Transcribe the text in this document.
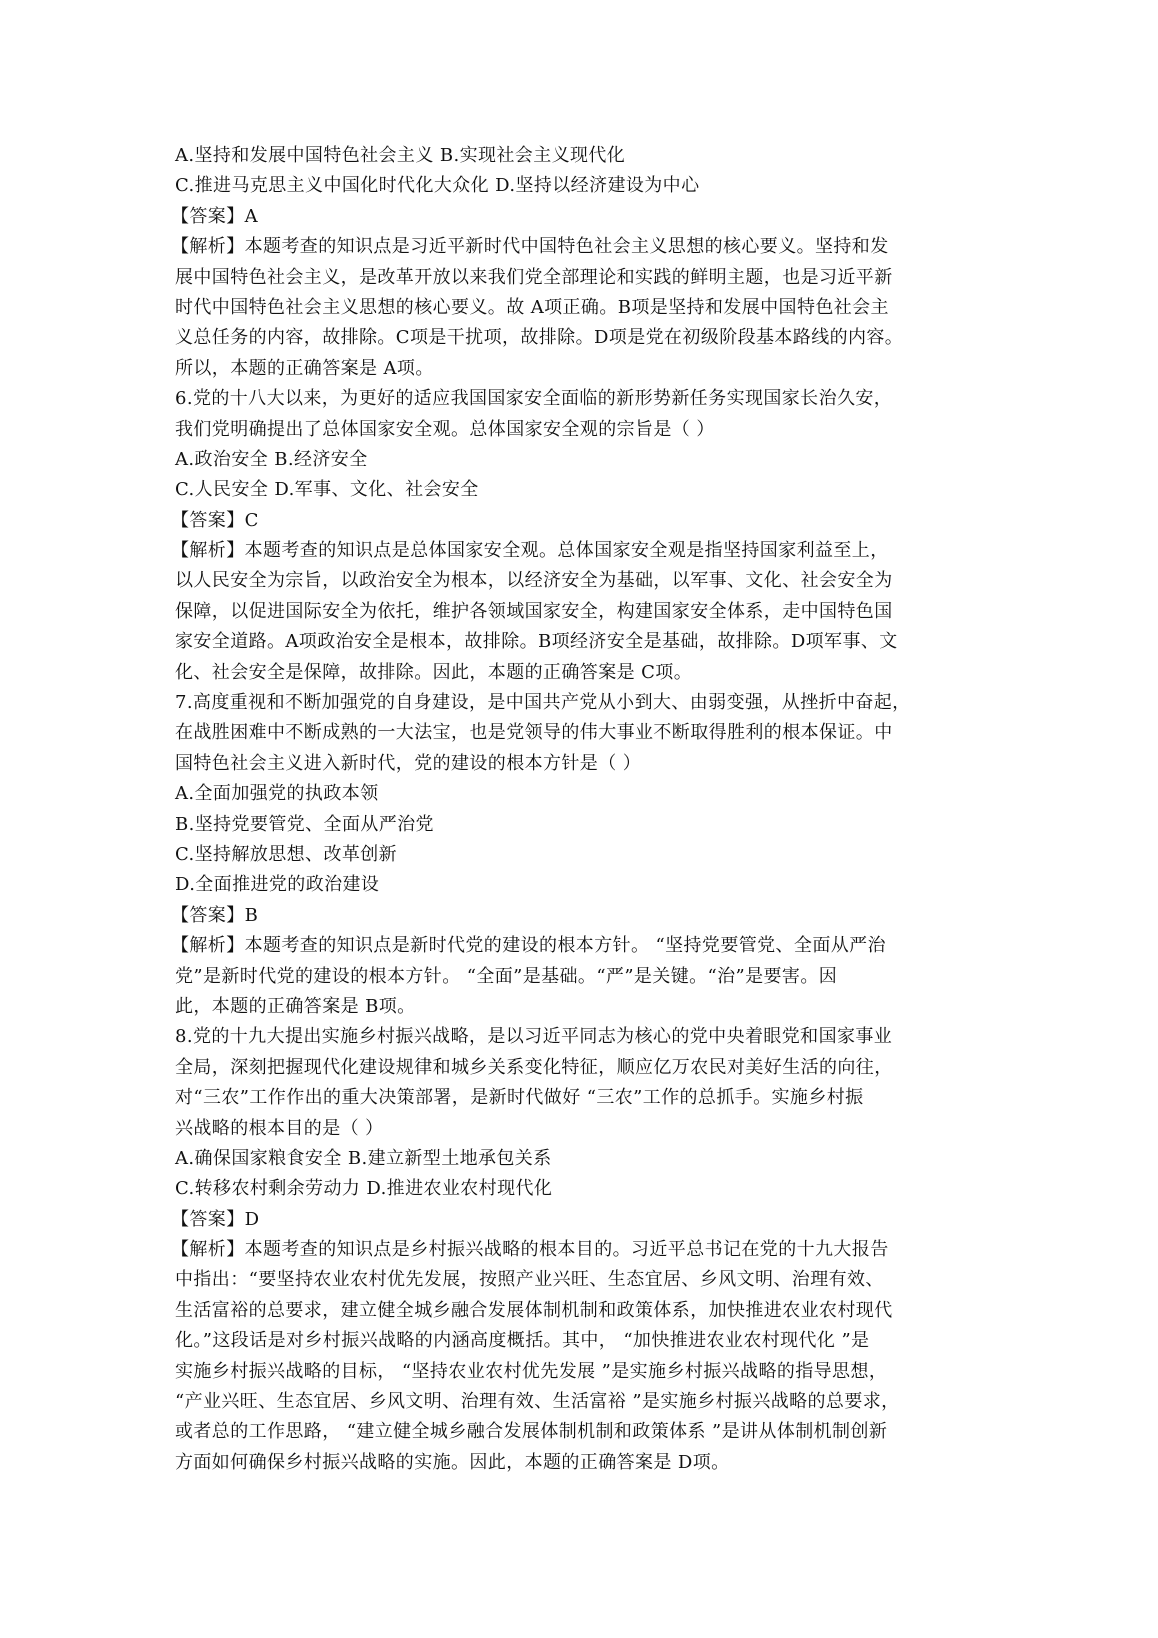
A.坚持和发展中国特色社会主义 B.实现社会主义现代化
C.推进马克思主义中国化时代化大众化 D.坚持以经济建设为中心
【答案】A
【解析】本题考查的知识点是习近平新时代中国特色社会主义思想的核心要义。坚持和发
展中国特色社会主义，是改革开放以来我们党全部理论和实践的鲜明主题，也是习近平新
时代中国特色社会主义思想的核心要义。故 A项正确。B项是坚持和发展中国特色社会主
义总任务的内容，故排除。C项是干扰项，故排除。D项是党在初级阶段基本路线的内容。
所以，本题的正确答案是 A项。
6.党的十八大以来，为更好的适应我国国家安全面临的新形势新任务实现国家长治久安，
我们党明确提出了总体国家安全观。总体国家安全观的宗旨是（ ）
A.政治安全 B.经济安全
C.人民安全 D.军事、文化、社会安全
【答案】C
【解析】本题考查的知识点是总体国家安全观。总体国家安全观是指坚持国家利益至上，
以人民安全为宗旨，以政治安全为根本，以经济安全为基础，以军事、文化、社会安全为
保障，以促进国际安全为依托，维护各领域国家安全，构建国家安全体系，走中国特色国
家安全道路。A项政治安全是根本，故排除。B项经济安全是基础，故排除。D项军事、文
化、社会安全是保障，故排除。因此，本题的正确答案是 C项。
7.高度重视和不断加强党的自身建设，是中国共产党从小到大、由弱变强，从挫折中奋起，
在战胜困难中不断成熟的一大法宝，也是党领导的伟大事业不断取得胜利的根本保证。中
国特色社会主义进入新时代，党的建设的根本方针是（ ）
A.全面加强党的执政本领
B.坚持党要管党、全面从严治党
C.坚持解放思想、改革创新
D.全面推进党的政治建设
【答案】B
【解析】本题考查的知识点是新时代党的建设的根本方针。 “坚持党要管党、全面从严治
党”是新时代党的建设的根本方针。 “全面”是基础。“严”是关键。“治”是要害。因
此，本题的正确答案是 B项。
8.党的十九大提出实施乡村振兴战略，是以习近平同志为核心的党中央着眼党和国家事业
全局，深刻把握现代化建设规律和城乡关系变化特征，顺应亿万农民对美好生活的向往，
对“三农”工作作出的重大决策部署，是新时代做好 “三农”工作的总抓手。实施乡村振
兴战略的根本目的是（ ）
A.确保国家粮食安全 B.建立新型土地承包关系
C.转移农村剩余劳动力 D.推进农业农村现代化
【答案】D
【解析】本题考查的知识点是乡村振兴战略的根本目的。习近平总书记在党的十九大报告
中指出：“要坚持农业农村优先发展，按照产业兴旺、生态宜居、乡风文明、治理有效、
生活富裕的总要求，建立健全城乡融合发展体制机制和政策体系，加快推进农业农村现代
化。”这段话是对乡村振兴战略的内涵高度概括。其中， “加快推进农业农村现代化 ”是
实施乡村振兴战略的目标， “坚持农业农村优先发展 ”是实施乡村振兴战略的指导思想，
“产业兴旺、生态宜居、乡风文明、治理有效、生活富裕 ”是实施乡村振兴战略的总要求，
或者总的工作思路， “建立健全城乡融合发展体制机制和政策体系 ”是讲从体制机制创新
方面如何确保乡村振兴战略的实施。因此，本题的正确答案是 D项。
